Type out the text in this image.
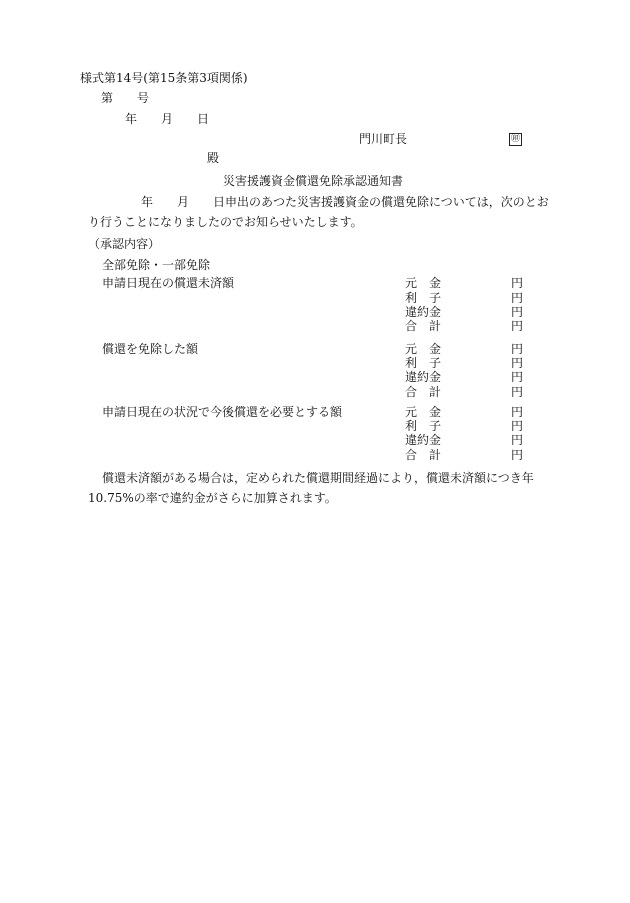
様式第14号(第15条第3項関係)
第　　号
年　　月　　日
門川町長	㊞
殿
災害援護資金償還免除承認通知書
年　　月　　日申出のあつた災害援護資金の償還免除については，次のとお
り行うことになりましたのでお知らせいたします。
（承認内容）
全部免除・一部免除
申請日現在の償還未済額	元　金	円
利　子	円
違約金	円
合　計	円
償還を免除した額	元　金	円
利　子	円
違約金	円
合　計	円
申請日現在の状況で今後償還を必要とする額	元　金	円
利　子	円
違約金	円
合　計	円
償還未済額がある場合は，定められた償還期間経過により，償還未済額につき年
10.75%の率で違約金がさらに加算されます。
